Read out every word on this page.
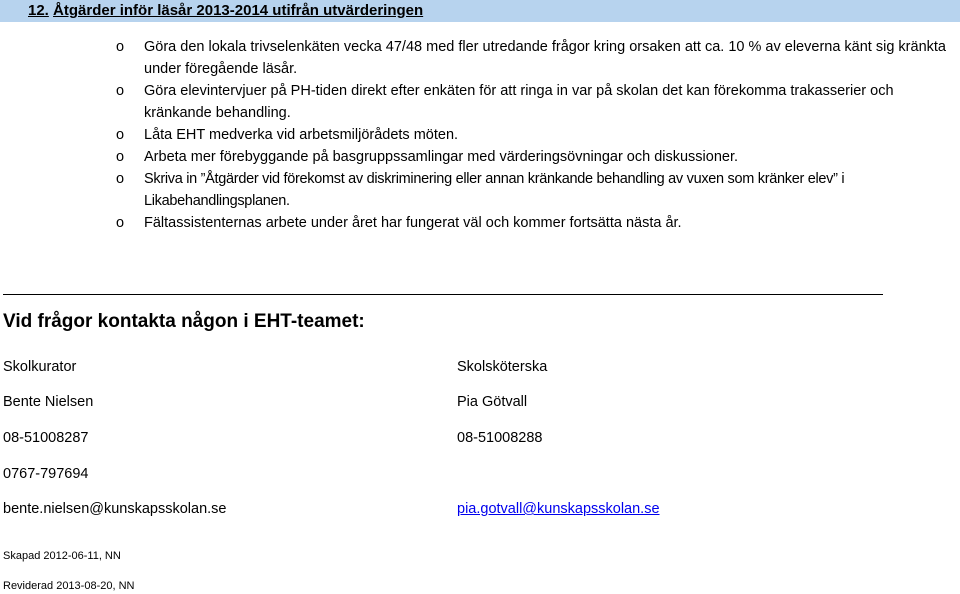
12. Åtgärder inför läsår 2013-2014 utifrån utvärderingen
o Göra den lokala trivselenkäten vecka 47/48 med fler utredande frågor kring orsaken att ca. 10 % av eleverna känt sig kränkta under föregående läsår.
o Göra elevintervjuer på PH-tiden direkt efter enkäten för att ringa in var på skolan det kan förekomma trakasserier och kränkande behandling.
o Låta EHT medverka vid arbetsmiljörådets möten.
o Arbeta mer förebyggande på basgruppssamlingar med värderingsövningar och diskussioner.
o Skriva in ”Åtgärder vid förekomst av diskriminering eller annan kränkande behandling av vuxen som kränker elev” i Likabehandlingsplanen.
o Fältassistenternas arbete under året har fungerat väl och kommer fortsätta nästa år.
Vid frågor kontakta någon i EHT-teamet:
Skolkurator
Bente Nielsen
08-51008287
0767-797694
bente.nielsen@kunskapsskolan.se
Skolsköterska
Pia Götvall
08-51008288
pia.gotvall@kunskapsskolan.se
Skapad 2012-06-11, NN
Reviderad 2013-08-20, NN
